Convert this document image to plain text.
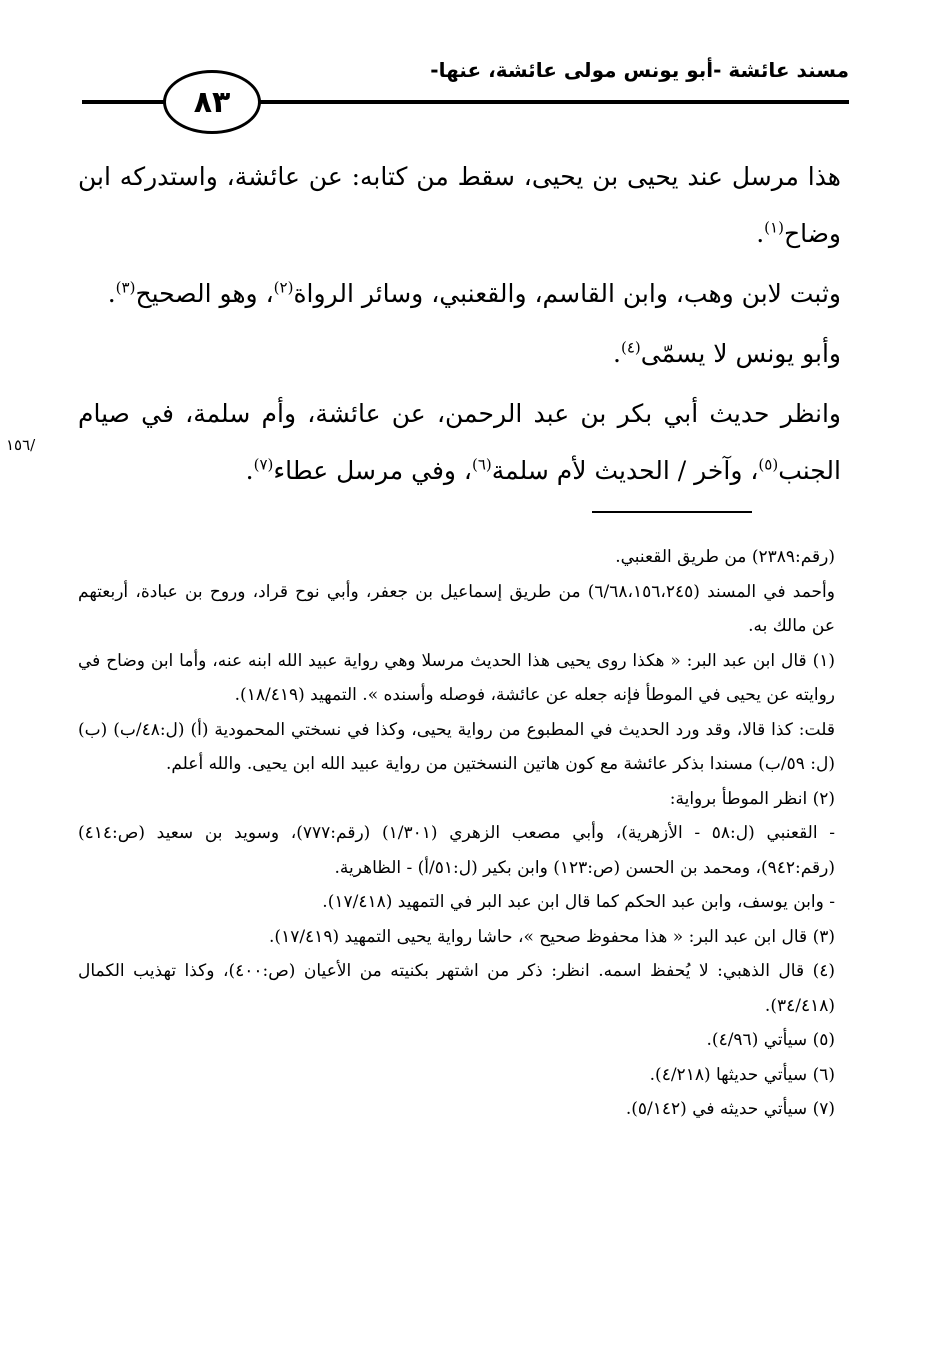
مسند عائشة -أبو يونس مولى عائشة، عنها-
٨٣

هذا مرسل عند يحيى بن يحيى، سقط من كتابه: عن عائشة، واستدركه ابن وضاح$^{(١)}$.

وثبت لابن وهب، وابن القاسم، والقعنبي، وسائر الرواة$^{(٢)}$، وهو الصحيح$^{(٣)}$.

وأبو يونس لا يسمّى$^{(٤)}$.

وانظر حديث أبي بكر بن عبد الرحمن، عن عائشة، وأم سلمة، في صيام الجنب$^{(٥)}$، وآخر / الحديث لأم سلمة$^{(٦)}$، وفي مرسل عطاء$^{(٧)}$.

/١٥٦

(رقم:٢٣٨٩) من طريق القعنبي.

وأحمد في المسند (٦/٦٨،١٥٦،٢٤٥) من طريق إسماعيل بن جعفر، وأبي نوح قراد، وروح بن عبادة، أربعتهم عن مالك به.

(١) قال ابن عبد البر: « هكذا روى يحيى هذا الحديث مرسلا وهي رواية عبيد الله ابنه عنه، وأما ابن وضاح في روايته عن يحيى في الموطأ فإنه جعله عن عائشة، فوصله وأسنده ». التمهيد (١٨/٤١٩).

قلت: كذا قالا، وقد ورد الحديث في المطبوع من رواية يحيى، وكذا في نسختي المحمودية (أ) (ل:٤٨/ب) (ب) (ل: ٥٩/ب) مسندا بذكر عائشة مع كون هاتين النسختين من رواية عبيد الله ابن يحيى. والله أعلم.

(٢) انظر الموطأ برواية:

- القعنبي (ل:٥٨ - الأزهرية)، وأبي مصعب الزهري (١/٣٠١) (رقم:٧٧٧)، وسويد بن سعيد (ص:٤١٤) (رقم:٩٤٢)، ومحمد بن الحسن (ص:١٢٣) وابن بكير (ل:٥١/أ) - الظاهرية.

- وابن يوسف، وابن عبد الحكم كما قال ابن عبد البر في التمهيد (١٧/٤١٨).

(٣) قال ابن عبد البر: « هذا محفوظ صحيح »، حاشا رواية يحيى التمهيد (١٧/٤١٩).

(٤) قال الذهبي: لا يُحفظ اسمه. انظر: ذكر من اشتهر بكنيته من الأعيان (ص:٤٠٠)، وكذا تهذيب الكمال (٣٤/٤١٨).

(٥) سيأتي (٤/٩٦).

(٦) سيأتي حديثها (٤/٢١٨).

(٧) سيأتي حديثه في (٥/١٤٢).
